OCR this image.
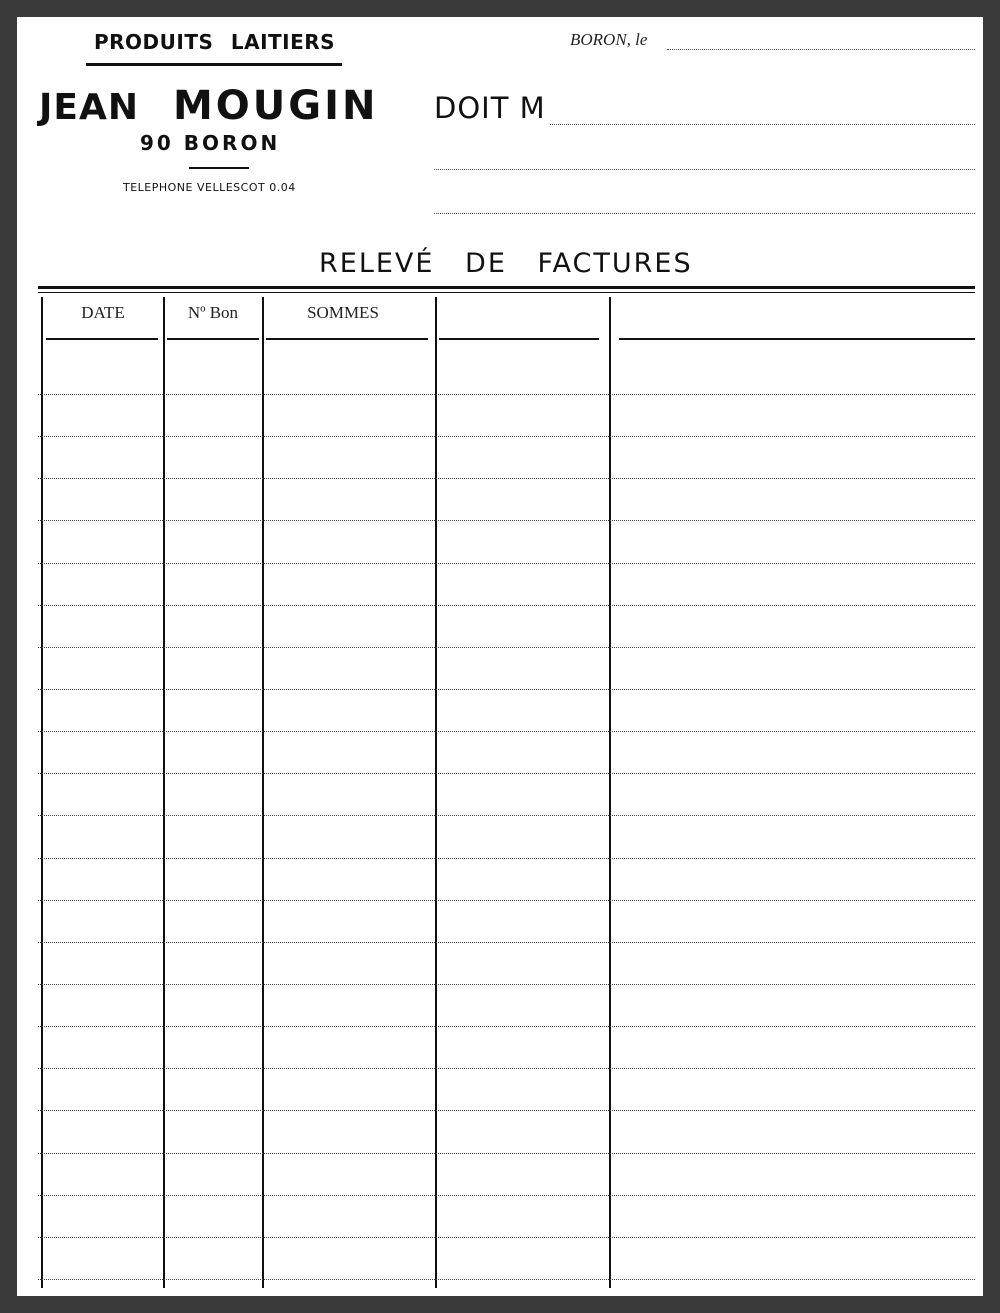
PRODUITS LAITIERS	BORON, le
JEAN MOUGIN
90 BORON
TELEPHONE VELLESCOT 0.04
DOIT M
RELEVÉ DE FACTURES
DATE	Nº Bon	SOMMES
